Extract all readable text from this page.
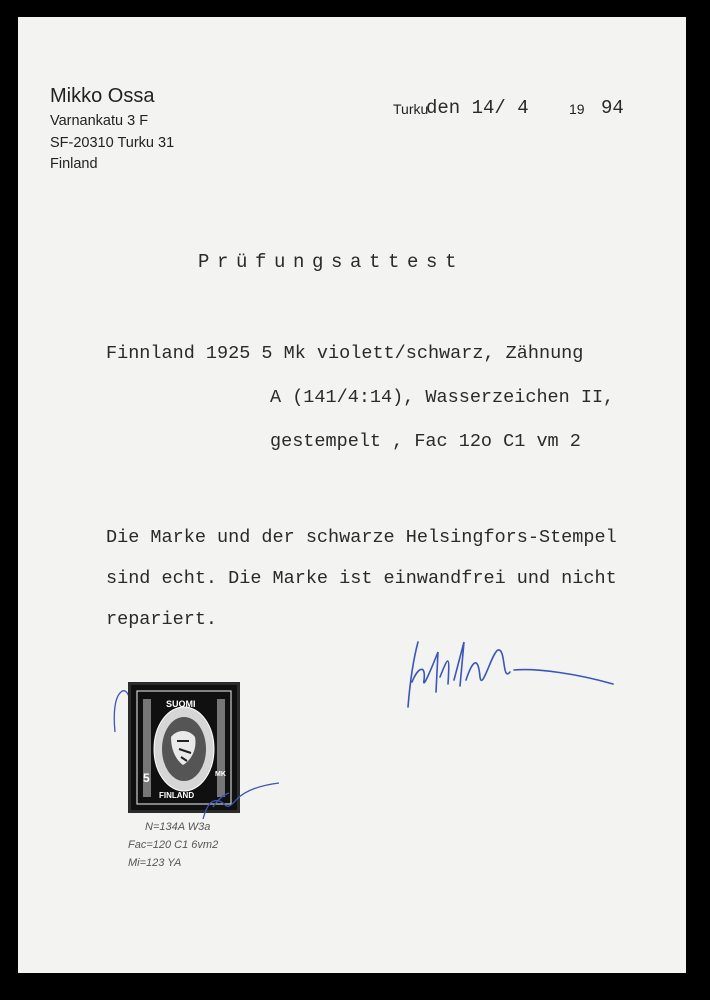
Mikko Ossa
Varnankatu 3 F
SF-20310 Turku 31
Finland
Turku
den 14/ 4	19 94
Prüfungsattest
Finnland 1925 5 Mk violett/schwarz, Zähnung
A (141/4:14), Wasserzeichen II,
gestempelt , Fac 12o C1 vm 2
Die Marke und der schwarze Helsingfors-Stempel
sind echt. Die Marke ist einwandfrei und nicht
repariert.
SUOMI
FINLAND
5	MK
N=134A W3a
Fac=120 C1 6vm2
Mi=123 YA
